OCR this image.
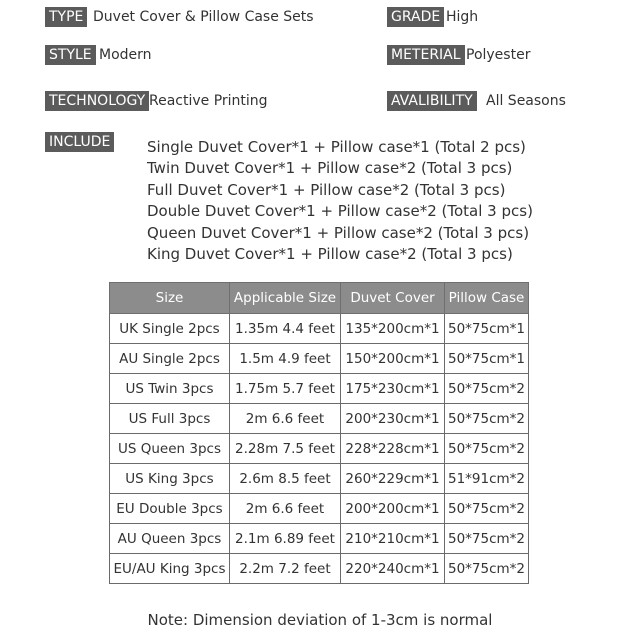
TYPE Duvet Cover & Pillow Case Sets	GRADE High
STYLE Modern	METERIAL Polyester
TECHNOLOGY Reactive Printing	AVALIBILITY All Seasons
INCLUDE Single Duvet Cover*1 + Pillow case*1 (Total 2 pcs)
Twin Duvet Cover*1 + Pillow case*2 (Total 3 pcs)
Full Duvet Cover*1 + Pillow case*2 (Total 3 pcs)
Double Duvet Cover*1 + Pillow case*2 (Total 3 pcs)
Queen Duvet Cover*1 + Pillow case*2 (Total 3 pcs)
King Duvet Cover*1 + Pillow case*2 (Total 3 pcs)
Size	Applicable Size	Duvet Cover	Pillow Case
UK Single 2pcs	1.35m 4.4 feet	135*200cm*1	50*75cm*1
AU Single 2pcs	1.5m 4.9 feet	150*200cm*1	50*75cm*1
US Twin 3pcs	1.75m 5.7 feet	175*230cm*1	50*75cm*2
US Full 3pcs	2m 6.6 feet	200*230cm*1	50*75cm*2
US Queen 3pcs	2.28m 7.5 feet	228*228cm*1	50*75cm*2
US King 3pcs	2.6m 8.5 feet	260*229cm*1	51*91cm*2
EU Double 3pcs	2m 6.6 feet	200*200cm*1	50*75cm*2
AU Queen 3pcs	2.1m 6.89 feet	210*210cm*1	50*75cm*2
EU/AU King 3pcs	2.2m 7.2 feet	220*240cm*1	50*75cm*2
Note: Dimension deviation of 1-3cm is normal
